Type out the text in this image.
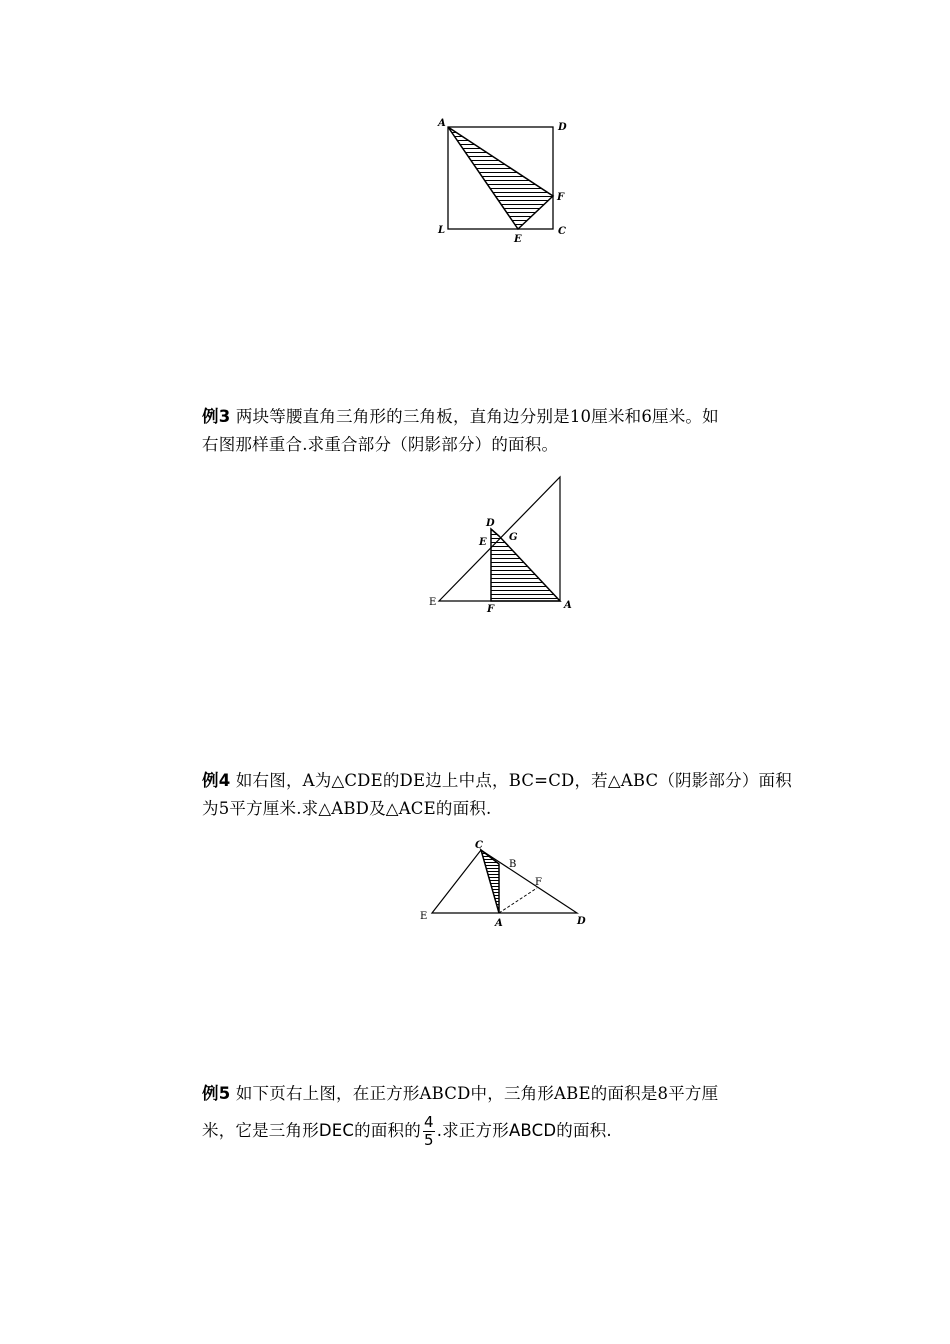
A	D
F
L
E
C
例3 两块等腰直角三角形的三角板，直角边分别是10厘米和6厘米。如
右图那样重合.求重合部分（阴影部分）的面积。
D
E G
E
F	A
例4 如右图，A为△CDE的DE边上中点，BC=CD，若△ABC（阴影部分）面积
为5平方厘米.求△ABD及△ACE的面积.
C
B
F
E
A	D
例5 如下页右上图，在正方形ABCD中，三角形ABE的面积是8平方厘
米，它是三角形DEC的面积的 $\frac{4}{5}$ .求正方形ABCD的面积.
